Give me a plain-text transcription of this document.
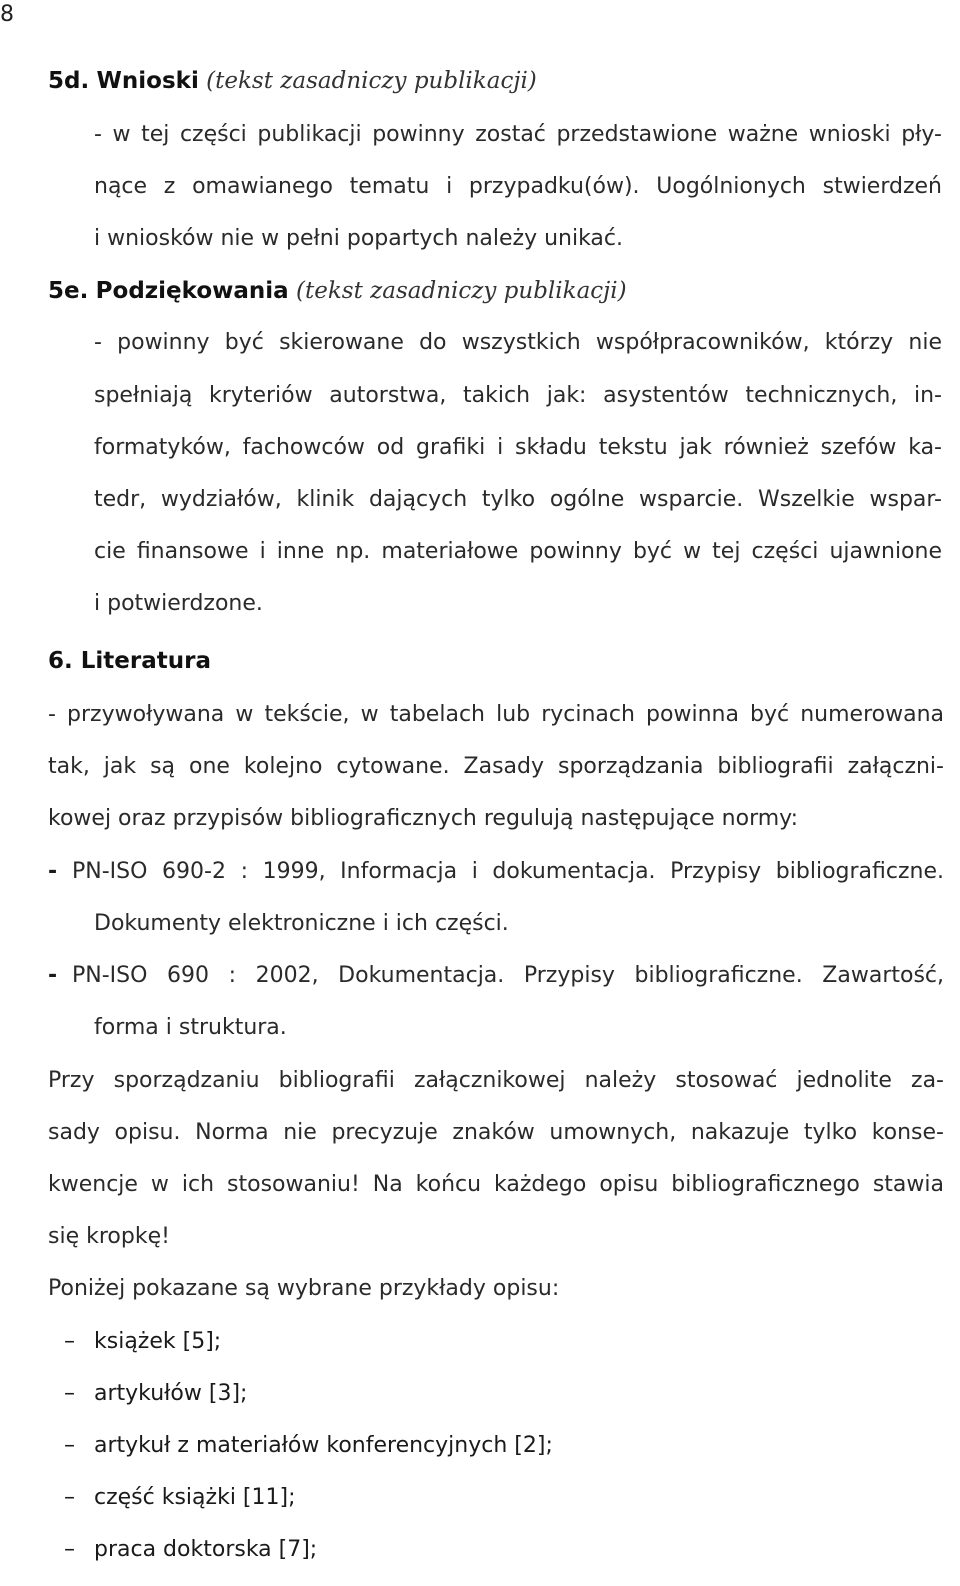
8
5d. Wnioski (tekst zasadniczy publikacji)
- w tej części publikacji powinny zostać przedstawione ważne wnioski pły-
nące z omawianego tematu i przypadku(ów). Uogólnionych stwierdzeń
i wniosków nie w pełni popartych należy unikać.
5e. Podziękowania (tekst zasadniczy publikacji)
- powinny być skierowane do wszystkich współpracowników, którzy nie
spełniają kryteriów autorstwa, takich jak: asystentów technicznych, in-
formatyków, fachowców od grafiki i składu tekstu jak również szefów ka-
tedr, wydziałów, klinik dających tylko ogólne wsparcie. Wszelkie wspar-
cie finansowe i inne np. materiałowe powinny być w tej części ujawnione
i potwierdzone.
6. Literatura
- przywoływana w tekście, w tabelach lub rycinach powinna być numerowana
tak, jak są one kolejno cytowane. Zasady sporządzania bibliografii załączni-
kowej oraz przypisów bibliograficznych regulują następujące normy:
- PN-ISO 690-2 : 1999, Informacja i dokumentacja. Przypisy bibliograficzne.
Dokumenty elektroniczne i ich części.
- PN-ISO 690 : 2002, Dokumentacja. Przypisy bibliograficzne. Zawartość,
forma i struktura.
Przy sporządzaniu bibliografii załącznikowej należy stosować jednolite za-
sady opisu. Norma nie precyzuje znaków umownych, nakazuje tylko konse-
kwencje w ich stosowaniu! Na końcu każdego opisu bibliograficznego stawia
się kropkę!
Poniżej pokazane są wybrane przykłady opisu:
– książek [5];
– artykułów [3];
– artykuł z materiałów konferencyjnych [2];
– część książki [11];
– praca doktorska [7];
